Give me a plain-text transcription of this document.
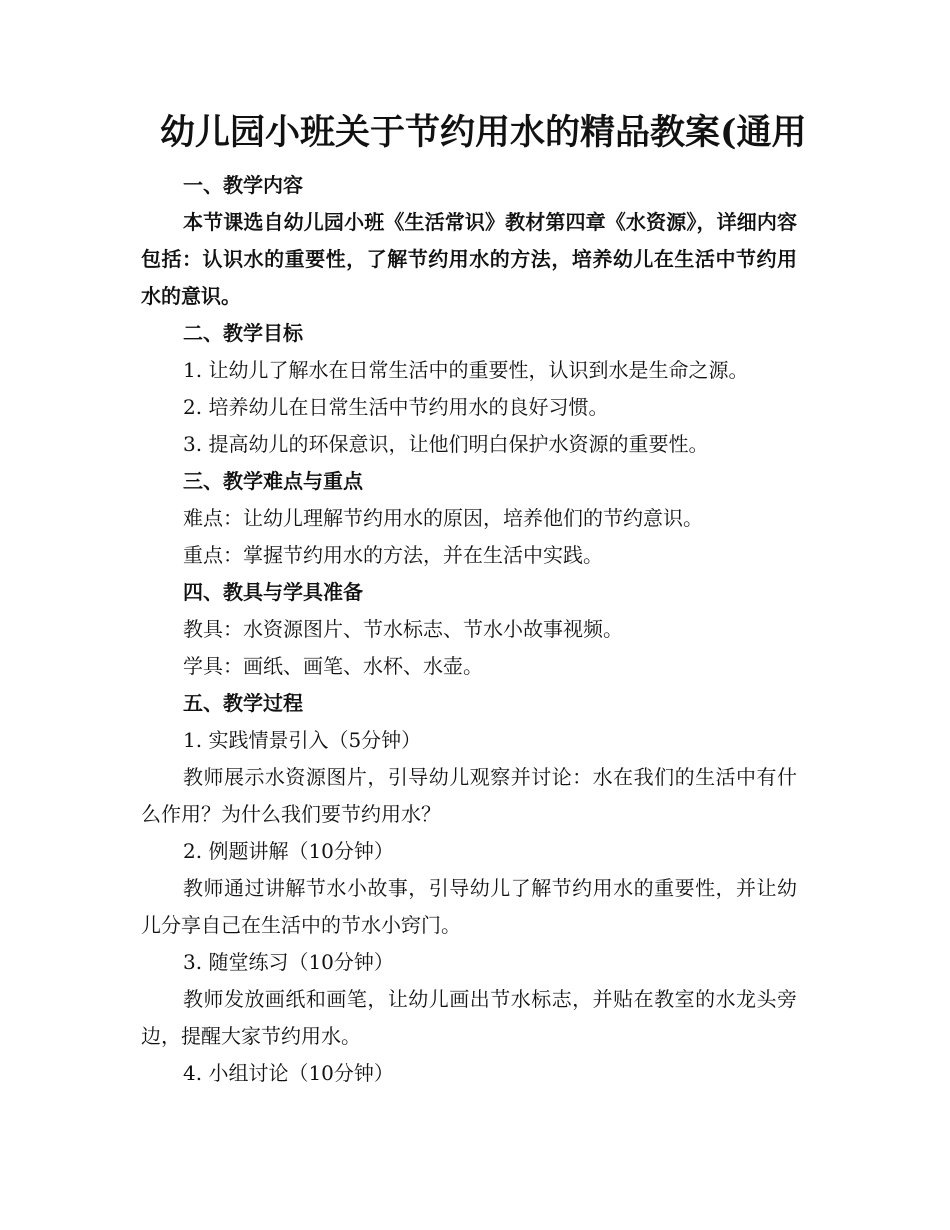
幼儿园小班关于节约用水的精品教案(通用

一、教学内容

本节课选自幼儿园小班《生活常识》教材第四章《水资源》，详细内容包括：认识水的重要性，了解节约用水的方法，培养幼儿在生活中节约用水的意识。

二、教学目标

1. 让幼儿了解水在日常生活中的重要性，认识到水是生命之源。

2. 培养幼儿在日常生活中节约用水的良好习惯。

3. 提高幼儿的环保意识，让他们明白保护水资源的重要性。

三、教学难点与重点

难点：让幼儿理解节约用水的原因，培养他们的节约意识。

重点：掌握节约用水的方法，并在生活中实践。

四、教具与学具准备

教具：水资源图片、节水标志、节水小故事视频。

学具：画纸、画笔、水杯、水壶。

五、教学过程

1. 实践情景引入（5分钟）

教师展示水资源图片，引导幼儿观察并讨论：水在我们的生活中有什么作用？为什么我们要节约用水？

2. 例题讲解（10分钟）

教师通过讲解节水小故事，引导幼儿了解节约用水的重要性，并让幼儿分享自己在生活中的节水小窍门。

3. 随堂练习（10分钟）

教师发放画纸和画笔，让幼儿画出节水标志，并贴在教室的水龙头旁边，提醒大家节约用水。

4. 小组讨论（10分钟）
